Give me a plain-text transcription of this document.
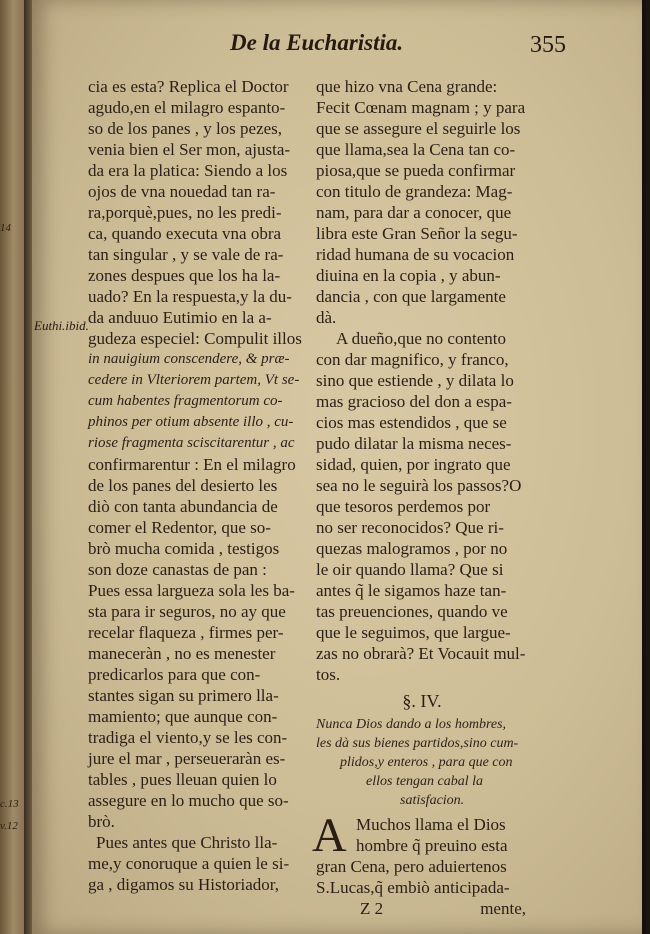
14
c.13
v.12
De la Eucharistia.	355
Euthi.ibid.
cia es esta? Replica el Doctor
agudo,en el milagro espanto-
so de los panes , y los pezes,
venia bien el Ser mon, ajusta-
da era la platica: Siendo a los
ojos de vna nouedad tan ra-
ra,porquè,pues, no les predi-
ca, quando executa vna obra
tan singular , y se vale de ra-
zones despues que los ha la-
uado? En la respuesta,y la du-
da anduuo Eutimio en la a-
gudeza especiel: Compulit illos
in nauigium conscendere, & præ-
cedere in Vlteriorem partem, Vt se-
cum habentes fragmentorum co-
phinos per otium absente illo , cu-
riose fragmenta sciscitarentur , ac
confirmarentur : En el milagro
de los panes del desierto les
diò con tanta abundancia de
comer el Redentor, que so-
brò mucha comida , testigos
son doze canastas de pan :
Pues essa largueza sola les ba-
sta para ir seguros, no ay que
recelar flaqueza , firmes per-
maneceràn , no es menester
predicarlos para que con-
stantes sigan su primero lla-
mamiento; que aunque con-
tradiga el viento,y se les con-
jure el mar , perseueraràn es-
tables , pues lleuan quien lo
assegure en lo mucho que so-
brò.
Pues antes que Christo lla-
me,y conoruque a quien le si-
ga , digamos su Historiador,
que hizo vna Cena grande:
Fecit Cœnam magnam ; y para
que se assegure el seguirle los
que llama,sea la Cena tan co-
piosa,que se pueda confirmar
con titulo de grandeza: Mag-
nam, para dar a conocer, que
libra este Gran Señor la segu-
ridad humana de su vocacion
diuina en la copia , y abun-
dancia , con que largamente
dà.
A dueño,que no contento
con dar magnifico, y franco,
sino que estiende , y dilata lo
mas gracioso del don a espa-
cios mas estendidos , que se
pudo dilatar la misma neces-
sidad, quien, por ingrato que
sea no le seguirà los passos?O
que tesoros perdemos por
no ser reconocidos? Que ri-
quezas malogramos , por no
le oir quando llama? Que si
antes q̃ le sigamos haze tan-
tas preuenciones, quando ve
que le seguimos, que largue-
zas no obrarà? Et Vocauit mul-
tos.
§. IV.
Nunca Dios dando a los hombres,
les dà sus bienes partidos,sino cum-
plidos,y enteros , para que con
ellos tengan cabal la
satisfacion.
A Muchos llama el Dios
hombre q̃ preuino esta
gran Cena, pero aduiertenos
S.Lucas,q̃ embiò anticipada-
Z 2	mente,
